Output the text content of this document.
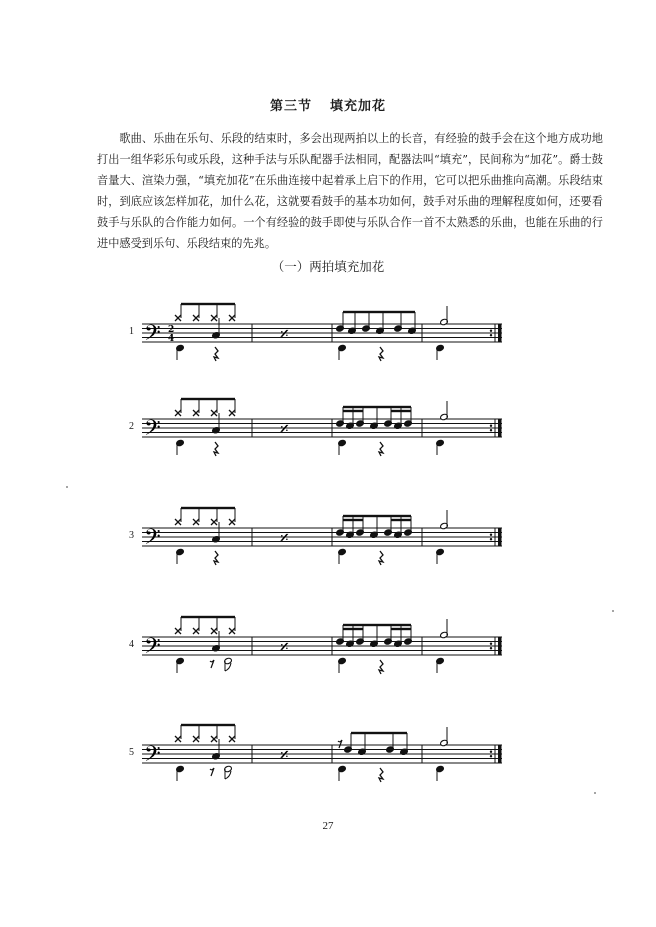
第三节 填充加花

歌曲、乐曲在乐句、乐段的结束时，多会出现两拍以上的长音，有经验的鼓手会在这个地方成功地打出一组华彩乐句或乐段，这种手法与乐队配器手法相同，配器法叫“填充”，民间称为“加花”。爵士鼓音量大、渲染力强，“填充加花”在乐曲连接中起着承上启下的作用，它可以把乐曲推向高潮。乐段结束时，到底应该怎样加花，加什么花，这就要看鼓手的基本功如何，鼓手对乐曲的理解程度如何，还要看鼓手与乐队的合作能力如何。一个有经验的鼓手即使与乐队合作一首不太熟悉的乐曲，也能在乐曲的行进中感受到乐句、乐段结束的先兆。

（一）两拍填充加花
1 𝄢 2
4	𝄎
2 𝄢	𝄎
3 𝄢	𝄎
4 𝄢	𝄎
5 𝄢	𝄎
27
